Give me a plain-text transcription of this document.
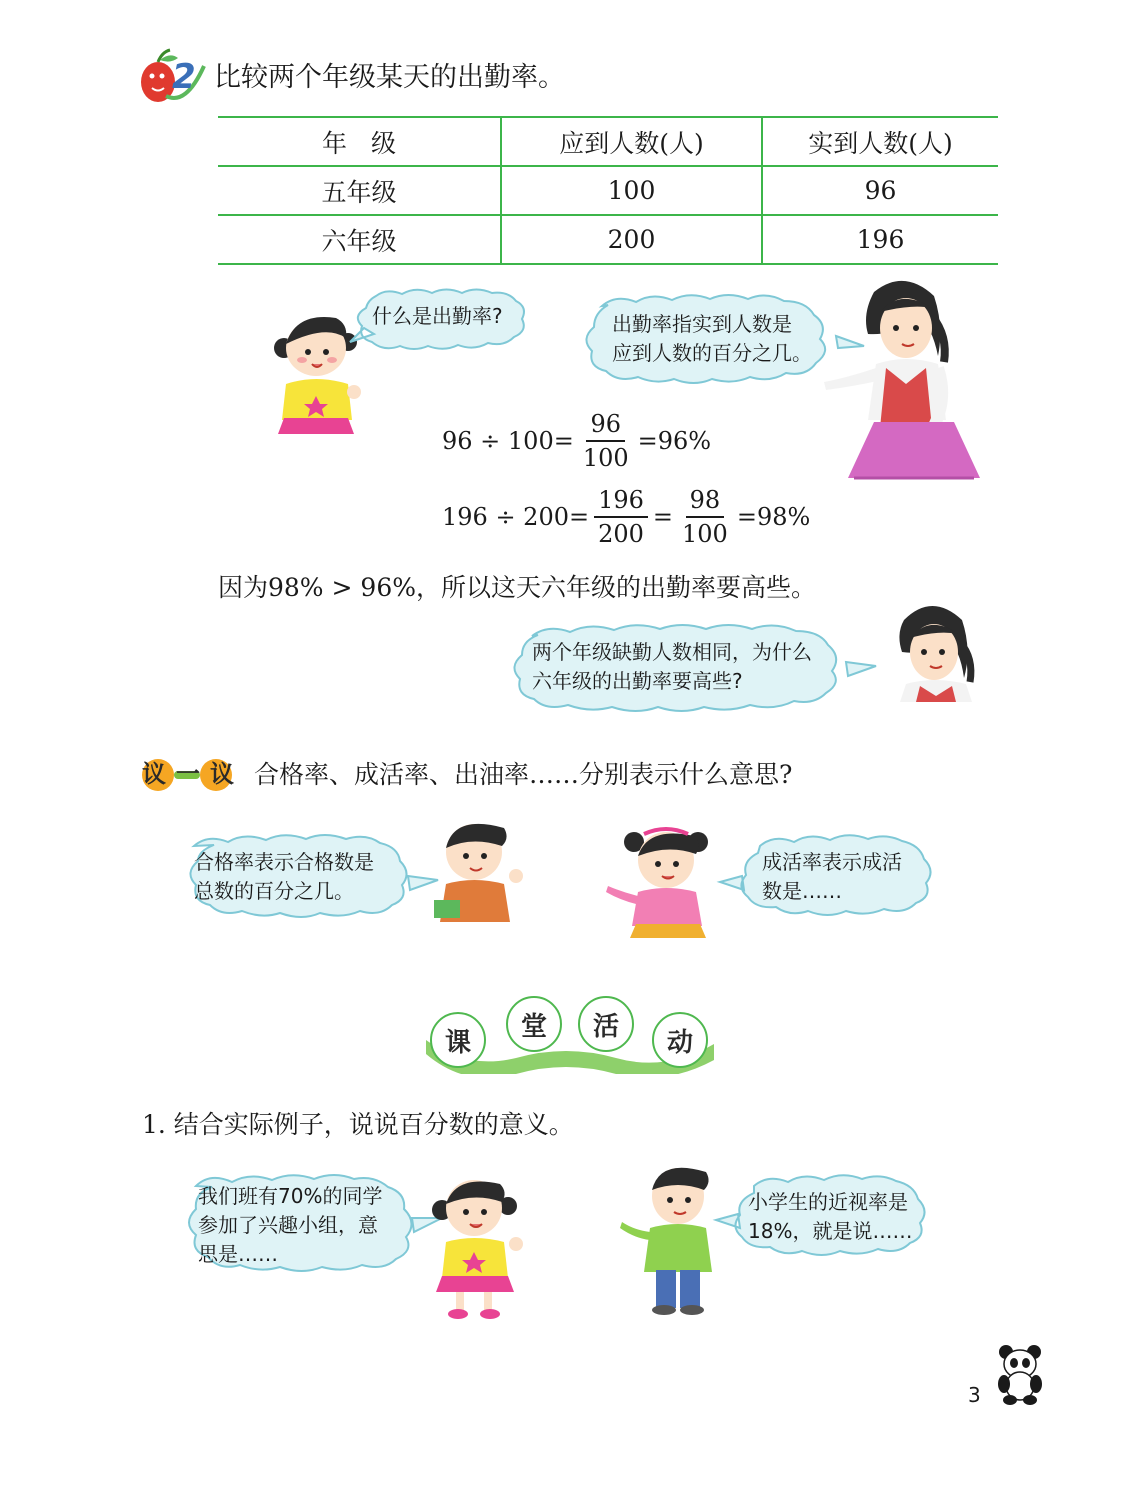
2 比较两个年级某天的出勤率。
年级	应到人数(人)	实到人数(人)
五年级	100	96
六年级	200	196
什么是出勤率?	出勤率指实到人数是
应到人数的百分之几。
$96 \div 100= \frac{96}{100} =96\%$
$196 \div 200= \frac{196}{200} = \frac{98}{100} =98\%$
因为98% > 96%，所以这天六年级的出勤率要高些。
两个年级缺勤人数相同，为什么
六年级的出勤率要高些?
议一议 合格率、成活率、出油率……分别表示什么意思?
合格率表示合格数是
总数的百分之几。
成活率表示成活
数是……
课
堂	活
动
1. 结合实际例子，说说百分数的意义。
我们班有70%的同学
参加了兴趣小组，意
思是……
小学生的近视率是
18%，就是说……
3
